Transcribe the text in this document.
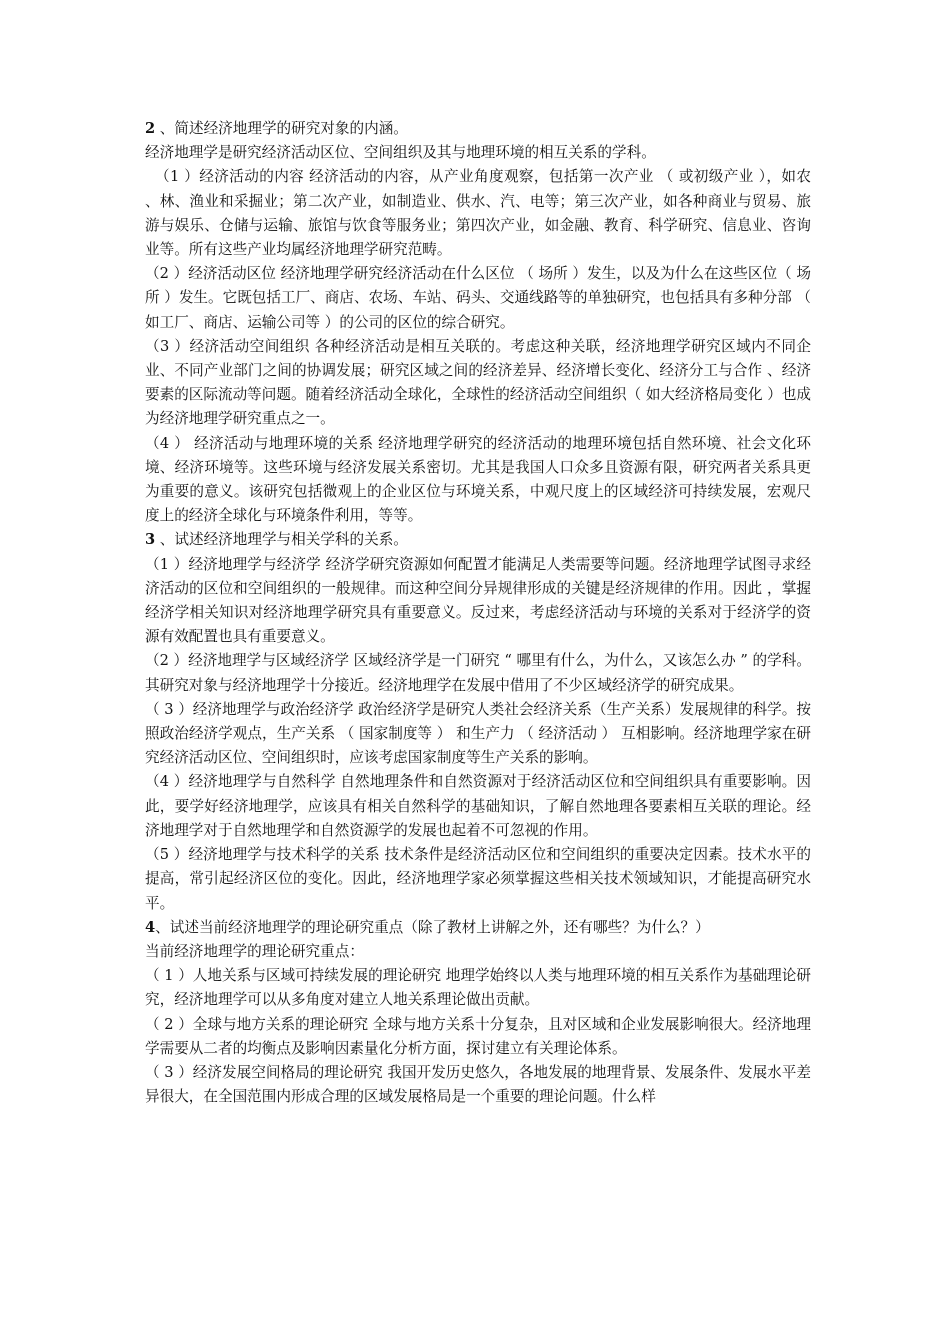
2 、简述经济地理学的研究对象的内涵。

经济地理学是研究经济活动区位、空间组织及其与地理环境的相互关系的学科。

（1 ）经济活动的内容 经济活动的内容，从产业角度观察，包括第一次产业 （ 或初级产业 ），如农 、林、渔业和采掘业；第二次产业，如制造业、供水、汽、电等；第三次产业，如各种商业与贸易、旅游与娱乐、仓储与运输、旅馆与饮食等服务业；第四次产业，如金融、教育、科学研究、信息业、咨询业等。所有这些产业均属经济地理学研究范畴。

（2 ）经济活动区位 经济地理学研究经济活动在什么区位 （ 场所 ）发生，以及为什么在这些区位（ 场所 ）发生。它既包括工厂、商店、农场、车站、码头、交通线路等的单独研究，也包括具有多种分部 （ 如工厂、商店、运输公司等 ）的公司的区位的综合研究。

（3 ）经济活动空间组织 各种经济活动是相互关联的。考虑这种关联，经济地理学研究区域内不同企业、不同产业部门之间的协调发展；研究区域之间的经济差异、经济增长变化、经济分工与合作 、经济要素的区际流动等问题。随着经济活动全球化，全球性的经济活动空间组织（ 如大经济格局变化 ）也成为经济地理学研究重点之一。

（4 ） 经济活动与地理环境的关系 经济地理学研究的经济活动的地理环境包括自然环境、社会文化环境、经济环境等。这些环境与经济发展关系密切。尤其是我国人口众多且资源有限，研究两者关系具更为重要的意义。该研究包括微观上的企业区位与环境关系，中观尺度上的区域经济可持续发展，宏观尺度上的经济全球化与环境条件利用，等等。

3 、试述经济地理学与相关学科的关系。

（1 ）经济地理学与经济学 经济学研究资源如何配置才能满足人类需要等问题。经济地理学试图寻求经济活动的区位和空间组织的一般规律。而这种空间分异规律形成的关键是经济规律的作用。因此 ，掌握经济学相关知识对经济地理学研究具有重要意义。反过来，考虑经济活动与环境的关系对于经济学的资源有效配置也具有重要意义。

（2 ）经济地理学与区域经济学 区域经济学是一门研究 “ 哪里有什么，为什么，又该怎么办 ” 的学科。其研究对象与经济地理学十分接近。经济地理学在发展中借用了不少区域经济学的研究成果。

（ 3 ）经济地理学与政治经济学 政治经济学是研究人类社会经济关系（生产关系）发展规律的科学。按照政治经济学观点，生产关系 （ 国家制度等 ） 和生产力 （ 经济活动 ） 互相影响。经济地理学家在研究经济活动区位、空间组织时，应该考虑国家制度等生产关系的影响。

（4 ）经济地理学与自然科学 自然地理条件和自然资源对于经济活动区位和空间组织具有重要影响。因此，要学好经济地理学，应该具有相关自然科学的基础知识，了解自然地理各要素相互关联的理论。经济地理学对于自然地理学和自然资源学的发展也起着不可忽视的作用。

（5 ）经济地理学与技术科学的关系 技术条件是经济活动区位和空间组织的重要决定因素。技术水平的提高，常引起经济区位的变化。因此，经济地理学家必须掌握这些相关技术领域知识，才能提高研究水平。

4、试述当前经济地理学的理论研究重点（除了教材上讲解之外，还有哪些？为什么？）

当前经济地理学的理论研究重点：

（ 1 ）人地关系与区域可持续发展的理论研究 地理学始终以人类与地理环境的相互关系作为基础理论研究，经济地理学可以从多角度对建立人地关系理论做出贡献。

（ 2 ）全球与地方关系的理论研究 全球与地方关系十分复杂，且对区域和企业发展影响很大。经济地理学需要从二者的均衡点及影响因素量化分析方面，探讨建立有关理论体系。

（ 3 ）经济发展空间格局的理论研究 我国开发历史悠久，各地发展的地理背景、发展条件、发展水平差异很大，在全国范围内形成合理的区域发展格局是一个重要的理论问题。什么样
